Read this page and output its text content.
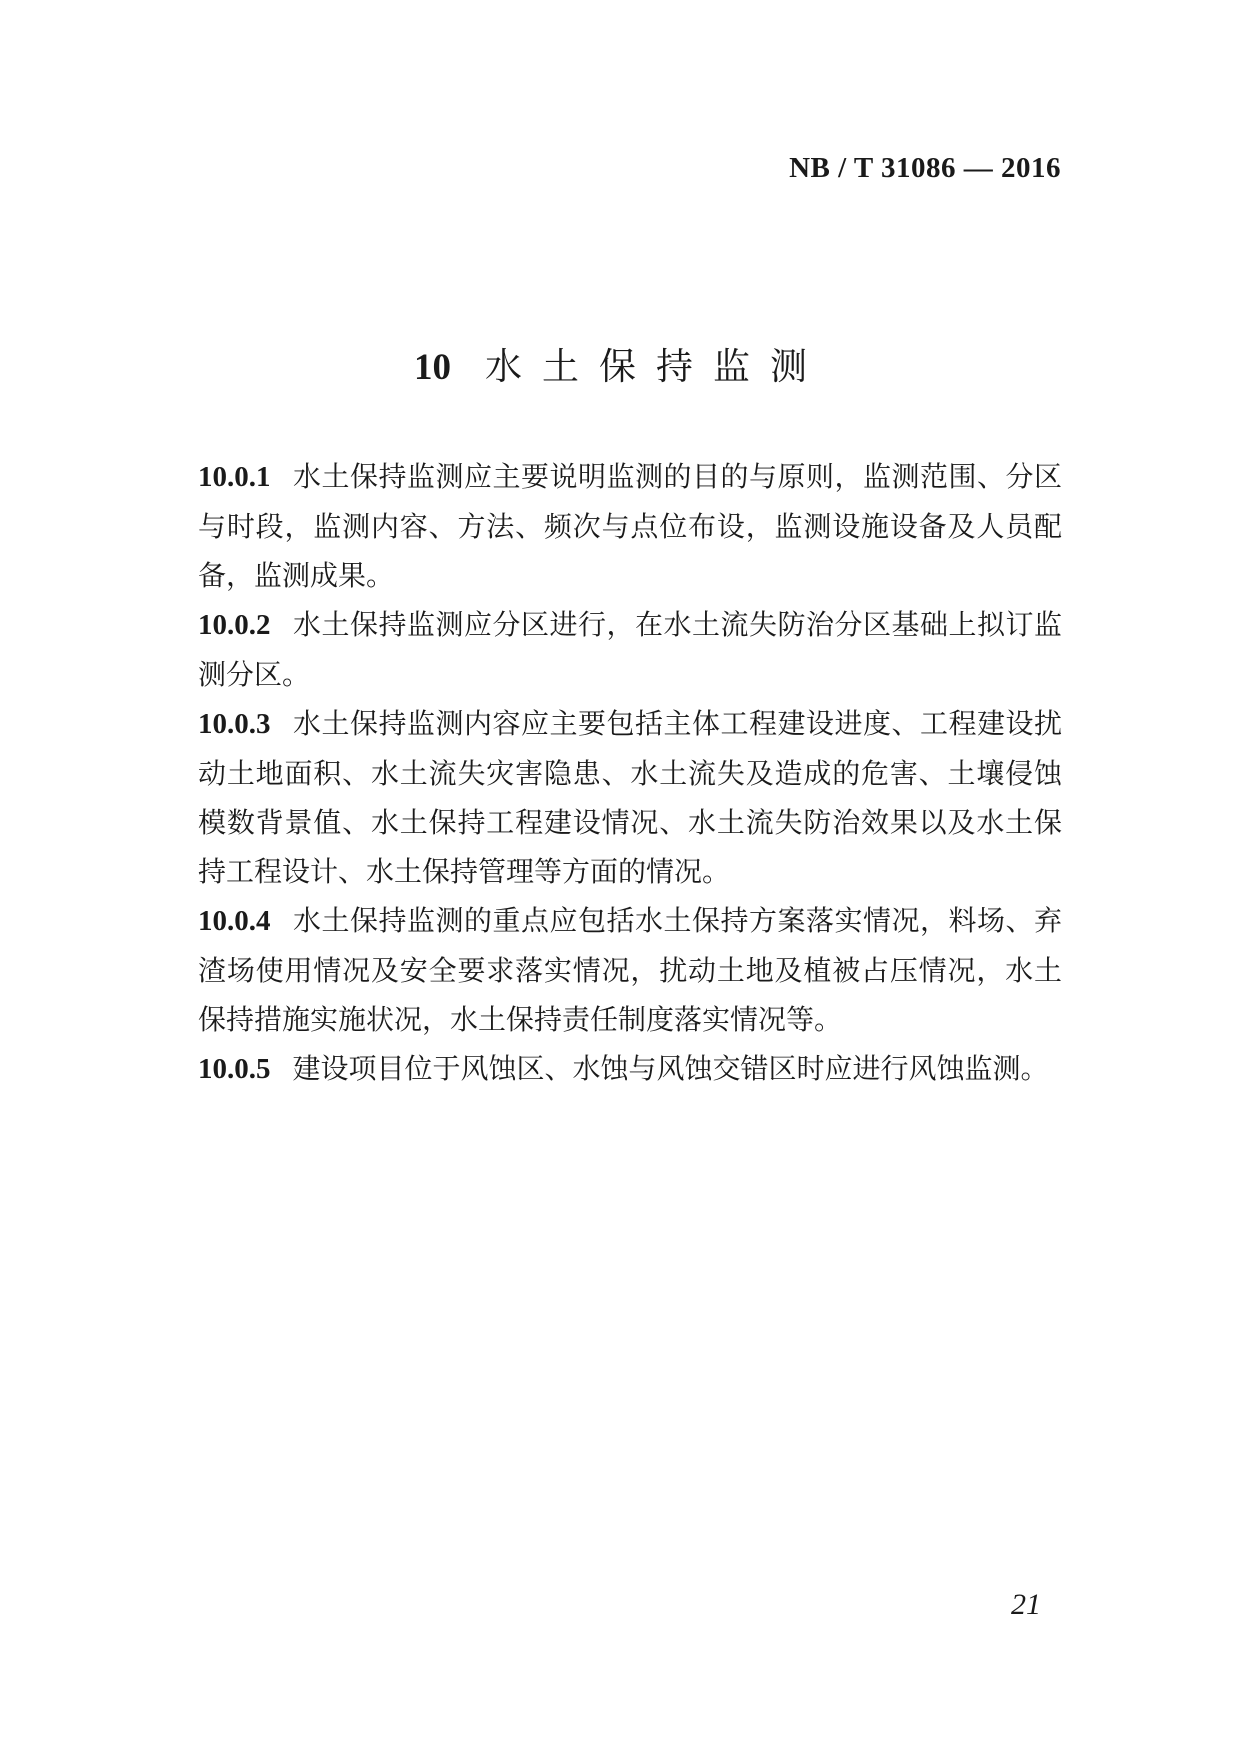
NB / T 31086 — 2016
10 水土保持监测

10.0.1 水土保持监测应主要说明监测的目的与原则，监测范围、分区与时段，监测内容、方法、频次与点位布设，监测设施设备及人员配备，监测成果。

10.0.2 水土保持监测应分区进行，在水土流失防治分区基础上拟订监测分区。

10.0.3 水土保持监测内容应主要包括主体工程建设进度、工程建设扰动土地面积、水土流失灾害隐患、水土流失及造成的危害、土壤侵蚀模数背景值、水土保持工程建设情况、水土流失防治效果以及水土保持工程设计、水土保持管理等方面的情况。

10.0.4 水土保持监测的重点应包括水土保持方案落实情况，料场、弃渣场使用情况及安全要求落实情况，扰动土地及植被占压情况，水土保持措施实施状况，水土保持责任制度落实情况等。

10.0.5 建设项目位于风蚀区、水蚀与风蚀交错区时应进行风蚀监测。

21
